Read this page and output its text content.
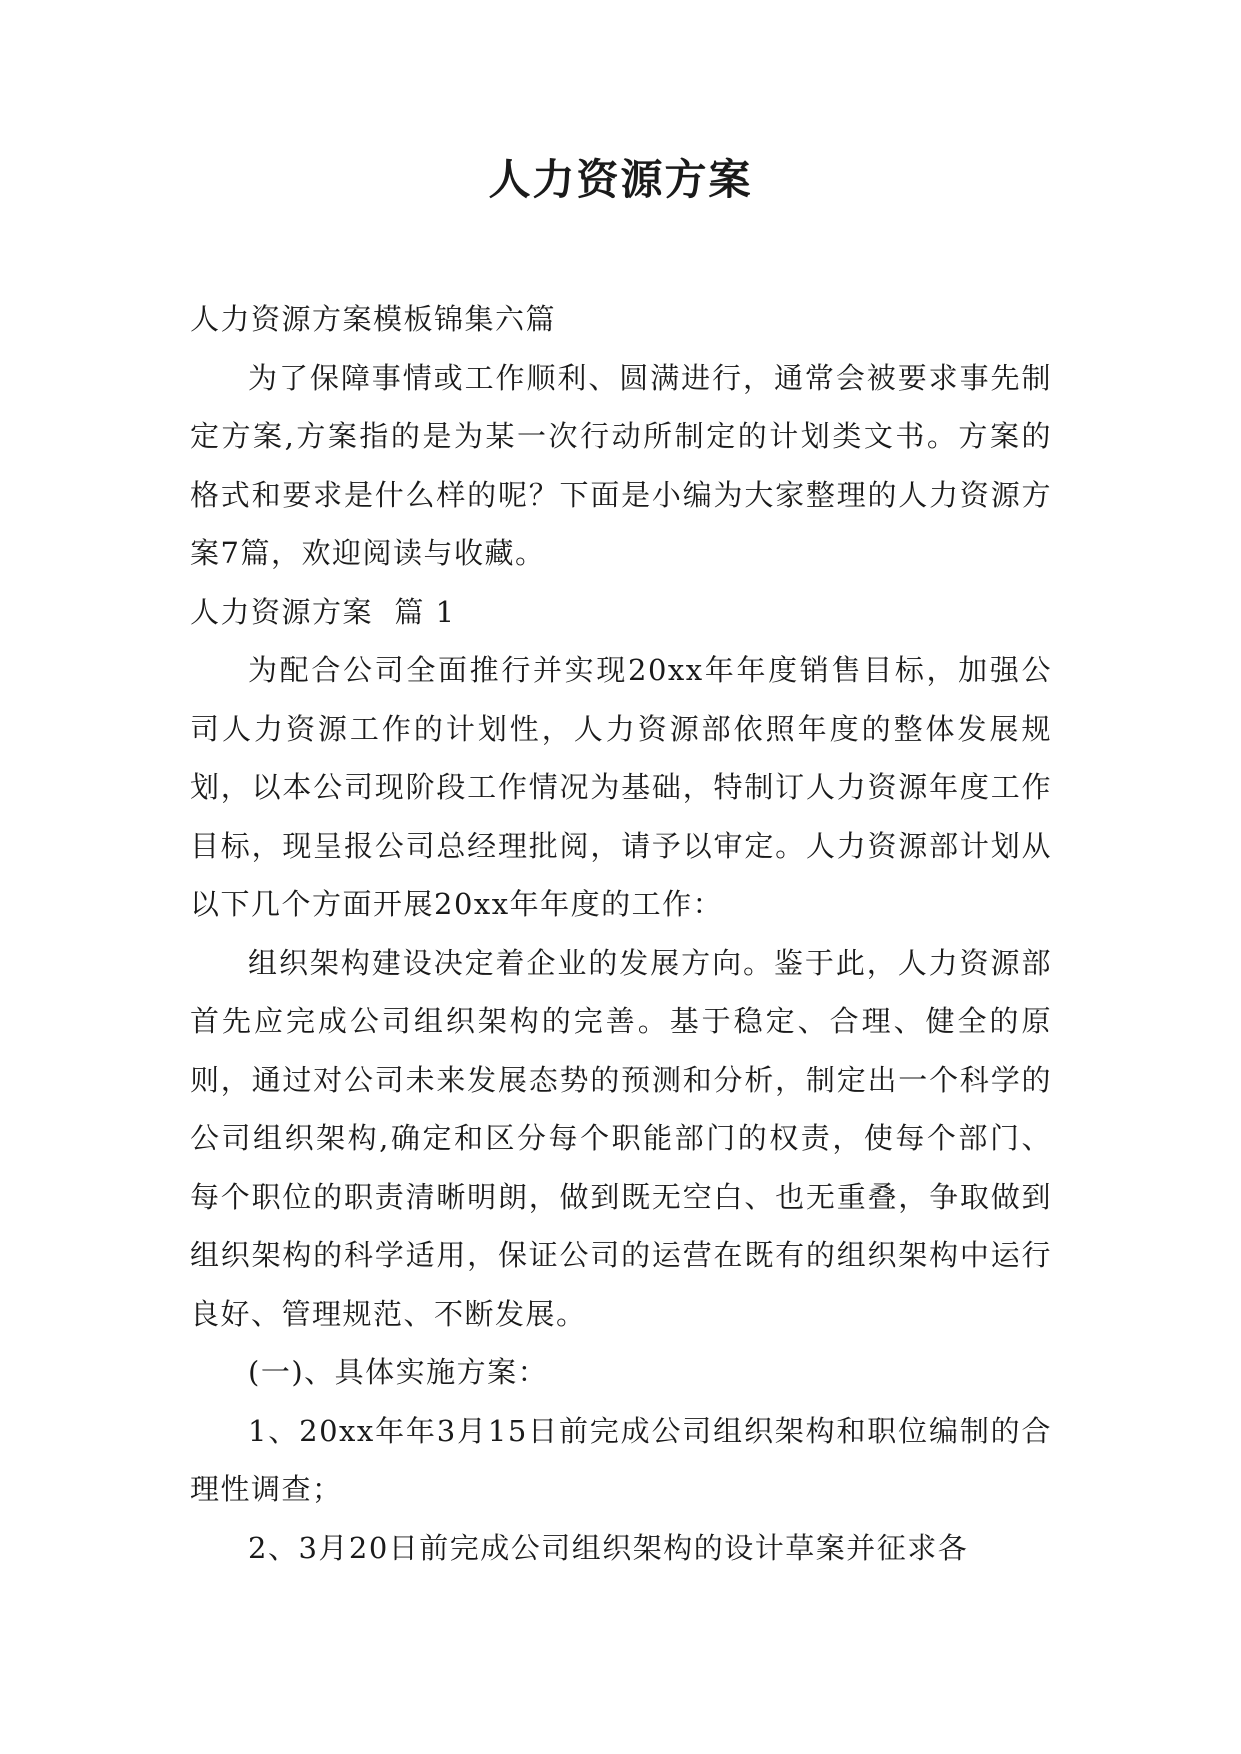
人力资源方案

人力资源方案模板锦集六篇

为了保障事情或工作顺利、圆满进行，通常会被要求事先制定方案,方案指的是为某一次行动所制定的计划类文书。方案的格式和要求是什么样的呢？下面是小编为大家整理的人力资源方案7篇，欢迎阅读与收藏。

人力资源方案  篇 1

为配合公司全面推行并实现20xx年年度销售目标，加强公司人力资源工作的计划性，人力资源部依照年度的整体发展规划，以本公司现阶段工作情况为基础，特制订人力资源年度工作目标，现呈报公司总经理批阅，请予以审定。人力资源部计划从以下几个方面开展20xx年年度的工作：

组织架构建设决定着企业的发展方向。鉴于此，人力资源部首先应完成公司组织架构的完善。基于稳定、合理、健全的原则，通过对公司未来发展态势的预测和分析，制定出一个科学的公司组织架构,确定和区分每个职能部门的权责，使每个部门、每个职位的职责清晰明朗，做到既无空白、也无重叠，争取做到组织架构的科学适用，保证公司的运营在既有的组织架构中运行良好、管理规范、不断发展。

(一)、具体实施方案：

1、20xx年年3月15日前完成公司组织架构和职位编制的合理性调查；

2、3月20日前完成公司组织架构的设计草案并征求各
